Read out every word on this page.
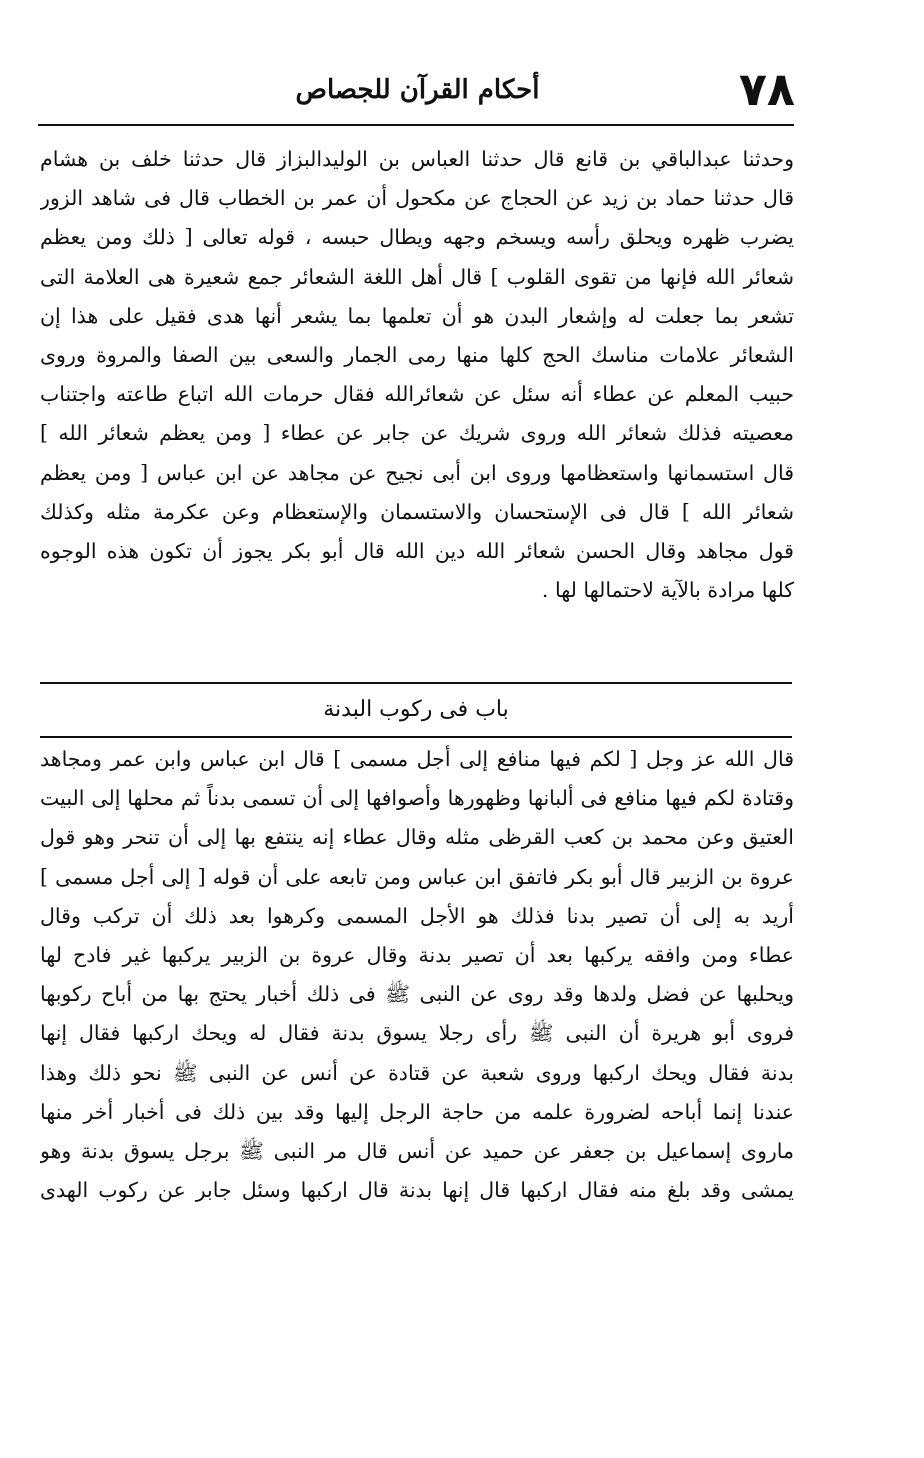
٧٨
أحكام القرآن للجصاص
وحدثنا عبدالباقي بن قانع قال حدثنا العباس بن الوليدالبزاز قال حدثنا خلف بن هشام
قال حدثنا حماد بن زيد عن الحجاج عن مكحول أن عمر بن الخطاب قال فى شاهد الزور
يضرب ظهره ويحلق رأسه ويسخم وجهه ويطال حبسه ، قوله تعالى [ ذلك ومن يعظم
شعائر الله فإنها من تقوى القلوب ] قال أهل اللغة الشعائر جمع شعيرة هى العلامة التى
تشعر بما جعلت له وإشعار البدن هو أن تعلمها بما يشعر أنها هدى فقيل على هذا إن
الشعائر علامات مناسك الحج كلها منها رمى الجمار والسعى بين الصفا والمروة وروى
حبيب المعلم عن عطاء أنه سئل عن شعائرالله فقال حرمات الله اتباع طاعته واجتناب
معصيته فذلك شعائر الله وروى شريك عن جابر عن عطاء [ ومن يعظم شعائر الله ]
قال استسمانها واستعظامها وروى ابن أبى نجيح عن مجاهد عن ابن عباس [ ومن يعظم
شعائر الله ] قال فى الإستحسان والاستسمان والإستعظام وعن عكرمة مثله وكذلك
قول مجاهد وقال الحسن شعائر الله دين الله قال أبو بكر يجوز أن تكون هذه الوجوه
كلها مرادة بالآية لاحتمالها لها .
باب فى ركوب البدنة
قال الله عز وجل [ لكم فيها منافع إلى أجل مسمى ] قال ابن عباس وابن عمر ومجاهد
وقتادة لكم فيها منافع فى ألبانها وظهورها وأصوافها إلى أن تسمى بدناً ثم محلها إلى البيت
العتيق وعن محمد بن كعب القرظى مثله وقال عطاء إنه ينتفع بها إلى أن تنحر وهو قول
عروة بن الزبير قال أبو بكر فاتفق ابن عباس ومن تابعه على أن قوله [ إلى أجل مسمى ]
أريد به إلى أن تصير بدنا فذلك هو الأجل المسمى وكرهوا بعد ذلك أن تركب وقال
عطاء ومن وافقه يركبها بعد أن تصير بدنة وقال عروة بن الزبير يركبها غير فادح لها
ويحلبها عن فضل ولدها وقد روى عن النبى ﷺ فى ذلك أخبار يحتج بها من أباح ركوبها
فروى أبو هريرة أن النبى ﷺ رأى رجلا يسوق بدنة فقال له ويحك اركبها فقال إنها
بدنة فقال ويحك اركبها وروى شعبة عن قتادة عن أنس عن النبى ﷺ نحو ذلك وهذا
عندنا إنما أباحه لضرورة علمه من حاجة الرجل إليها وقد بين ذلك فى أخبار أخر منها
ماروى إسماعيل بن جعفر عن حميد عن أنس قال مر النبى ﷺ برجل يسوق بدنة وهو
يمشى وقد بلغ منه فقال اركبها قال إنها بدنة قال اركبها وسئل جابر عن ركوب الهدى
